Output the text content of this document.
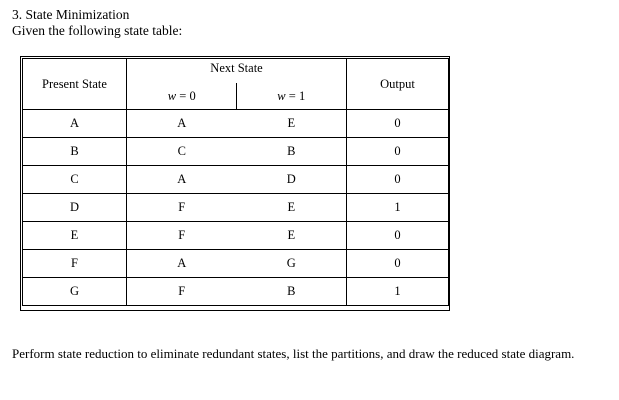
3. State Minimization
Given the following state table:
Present State	Next State		Output
	w = 0	w = 1	
A	A	E	0
B	C	B	0
C	A	D	0
D	F	E	1
E	F	E	0
F	A	G	0
G	F	B	1
Perform state reduction to eliminate redundant states, list the partitions, and draw the reduced state diagram.
